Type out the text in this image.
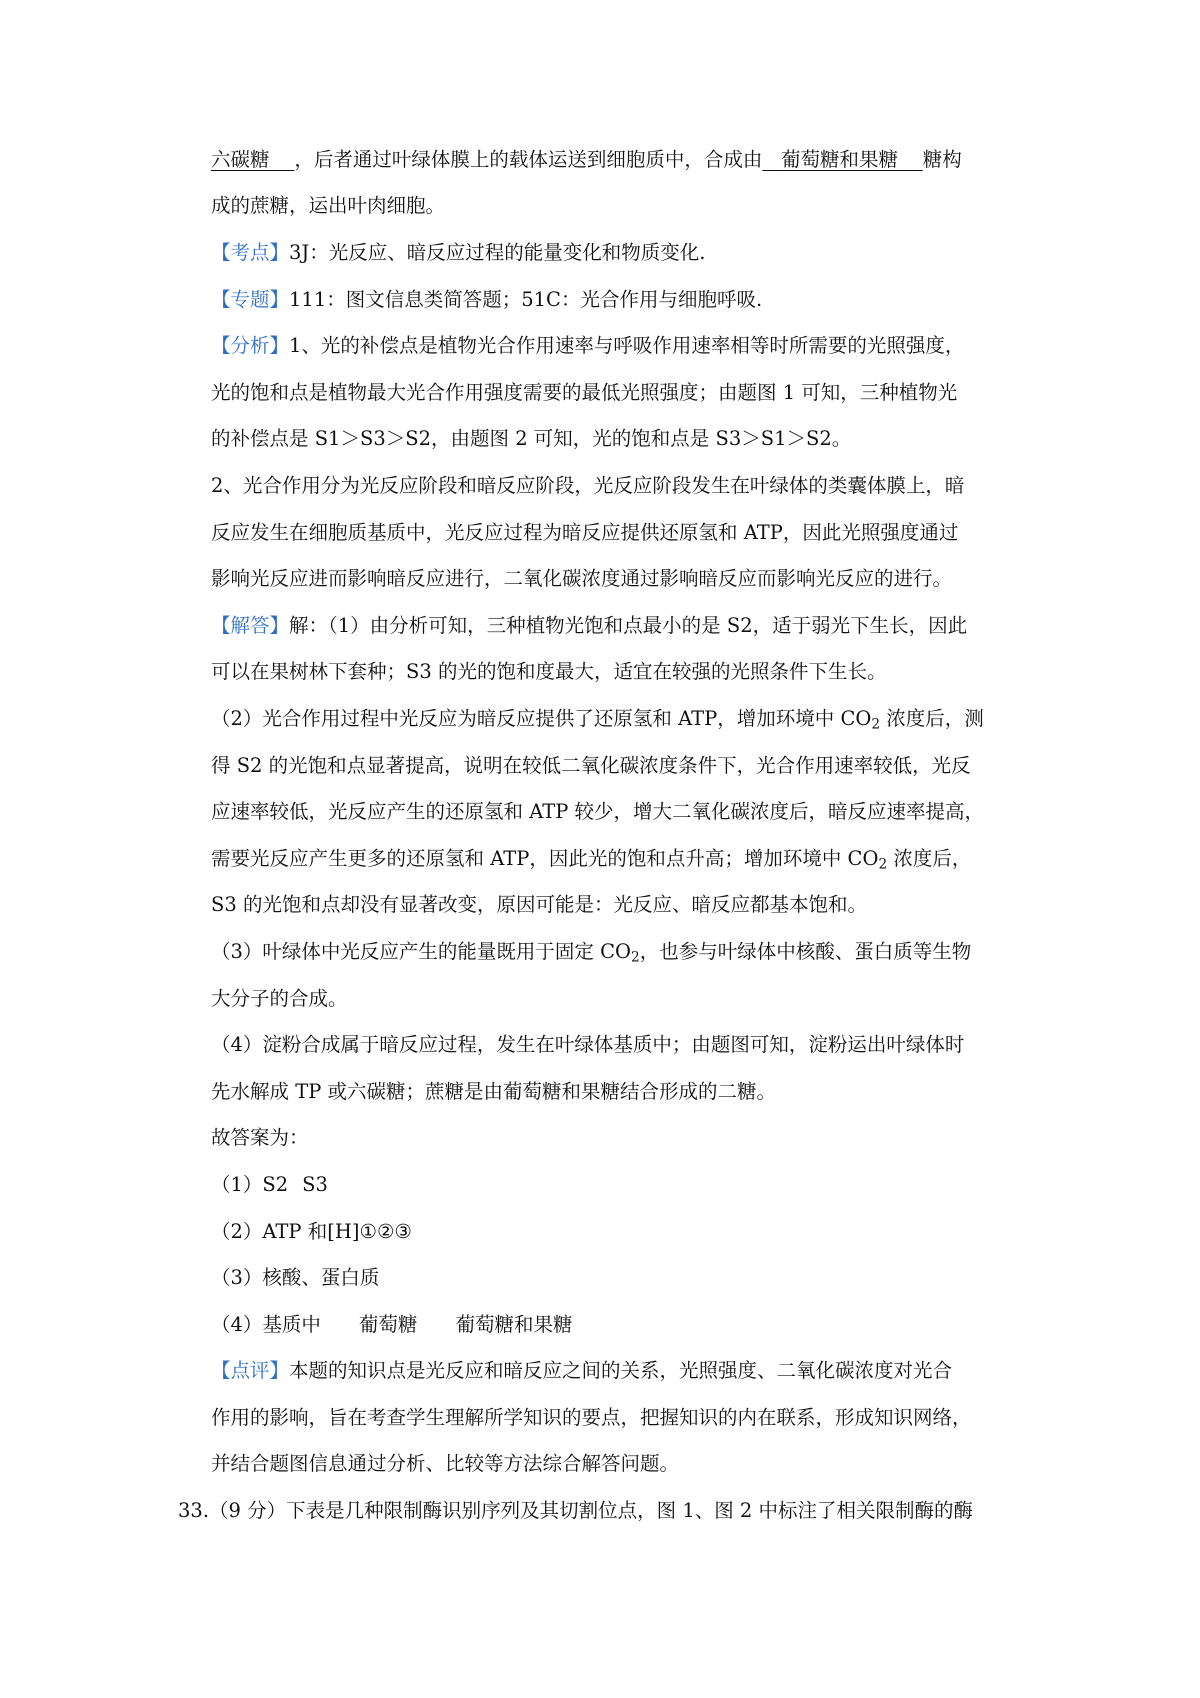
六碳糖 ，后者通过叶绿体膜上的载体运送到细胞质中，合成由 葡萄糖和果糖 糖构
成的蔗糖，运出叶肉细胞。
【考点】3J：光反应、暗反应过程的能量变化和物质变化.
【专题】111：图文信息类简答题；51C：光合作用与细胞呼吸.
【分析】1、光的补偿点是植物光合作用速率与呼吸作用速率相等时所需要的光照强度，
光的饱和点是植物最大光合作用强度需要的最低光照强度；由题图 1 可知，三种植物光
的补偿点是 S1＞S3＞S2，由题图 2 可知，光的饱和点是 S3＞S1＞S2。
2、光合作用分为光反应阶段和暗反应阶段，光反应阶段发生在叶绿体的类囊体膜上，暗
反应发生在细胞质基质中，光反应过程为暗反应提供还原氢和 ATP，因此光照强度通过
影响光反应进而影响暗反应进行，二氧化碳浓度通过影响暗反应而影响光反应的进行。
【解答】解：（1）由分析可知，三种植物光饱和点最小的是 S2，适于弱光下生长，因此
可以在果树林下套种；S3 的光的饱和度最大，适宜在较强的光照条件下生长。
（2）光合作用过程中光反应为暗反应提供了还原氢和 ATP，增加环境中 $CO_2$ 浓度后，测
得 S2 的光饱和点显著提高，说明在较低二氧化碳浓度条件下，光合作用速率较低，光反
应速率较低，光反应产生的还原氢和 ATP 较少，增大二氧化碳浓度后，暗反应速率提高，
需要光反应产生更多的还原氢和 ATP，因此光的饱和点升高；增加环境中 $CO_2$ 浓度后，
S3 的光饱和点却没有显著改变，原因可能是：光反应、暗反应都基本饱和。
（3）叶绿体中光反应产生的能量既用于固定 $CO_2$，也参与叶绿体中核酸、蛋白质等生物
大分子的合成。
（4）淀粉合成属于暗反应过程，发生在叶绿体基质中；由题图可知，淀粉运出叶绿体时
先水解成 TP 或六碳糖；蔗糖是由葡萄糖和果糖结合形成的二糖。
故答案为：
（1）S2 S3
（2）ATP 和[H]①②③
（3）核酸、蛋白质
（4）基质中 葡萄糖 葡萄糖和果糖
【点评】本题的知识点是光反应和暗反应之间的关系，光照强度、二氧化碳浓度对光合
作用的影响，旨在考查学生理解所学知识的要点，把握知识的内在联系，形成知识网络，
并结合题图信息通过分析、比较等方法综合解答问题。
33.（9 分）下表是几种限制酶识别序列及其切割位点，图 1、图 2 中标注了相关限制酶的酶
